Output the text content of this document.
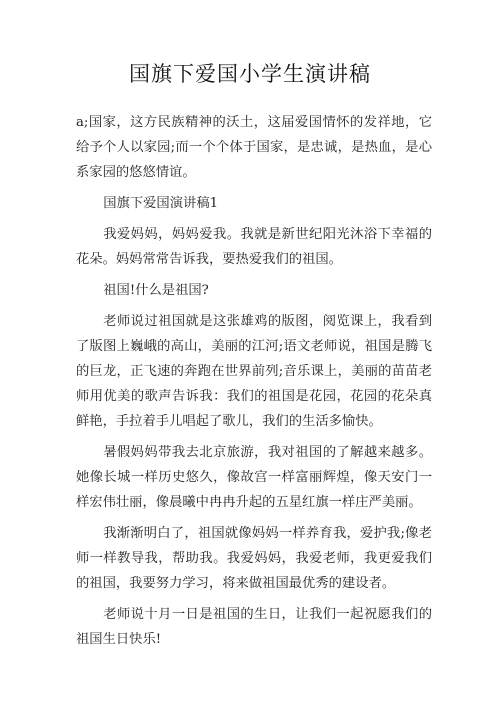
国旗下爱国小学生演讲稿

a;国家，这方民族精神的沃土，这届爱国情怀的发祥地，它给予个人以家园;而一个个体于国家，是忠诚，是热血，是心系家园的悠悠情谊。

国旗下爱国演讲稿1

我爱妈妈，妈妈爱我。我就是新世纪阳光沐浴下幸福的花朵。妈妈常常告诉我，要热爱我们的祖国。

祖国!什么是祖国?

老师说过祖国就是这张雄鸡的版图，阅览课上，我看到了版图上巍峨的高山，美丽的江河;语文老师说，祖国是腾飞的巨龙，正飞速的奔跑在世界前列;音乐课上，美丽的苗苗老师用优美的歌声告诉我：我们的祖国是花园，花园的花朵真鲜艳，手拉着手儿唱起了歌儿，我们的生活多愉快。

暑假妈妈带我去北京旅游，我对祖国的了解越来越多。她像长城一样历史悠久，像故宫一样富丽辉煌，像天安门一样宏伟壮丽，像晨曦中冉冉升起的五星红旗一样庄严美丽。

我渐渐明白了，祖国就像妈妈一样养育我，爱护我;像老师一样教导我，帮助我。我爱妈妈，我爱老师，我更爱我们的祖国，我要努力学习，将来做祖国最优秀的建设者。

老师说十月一日是祖国的生日，让我们一起祝愿我们的祖国生日快乐!
